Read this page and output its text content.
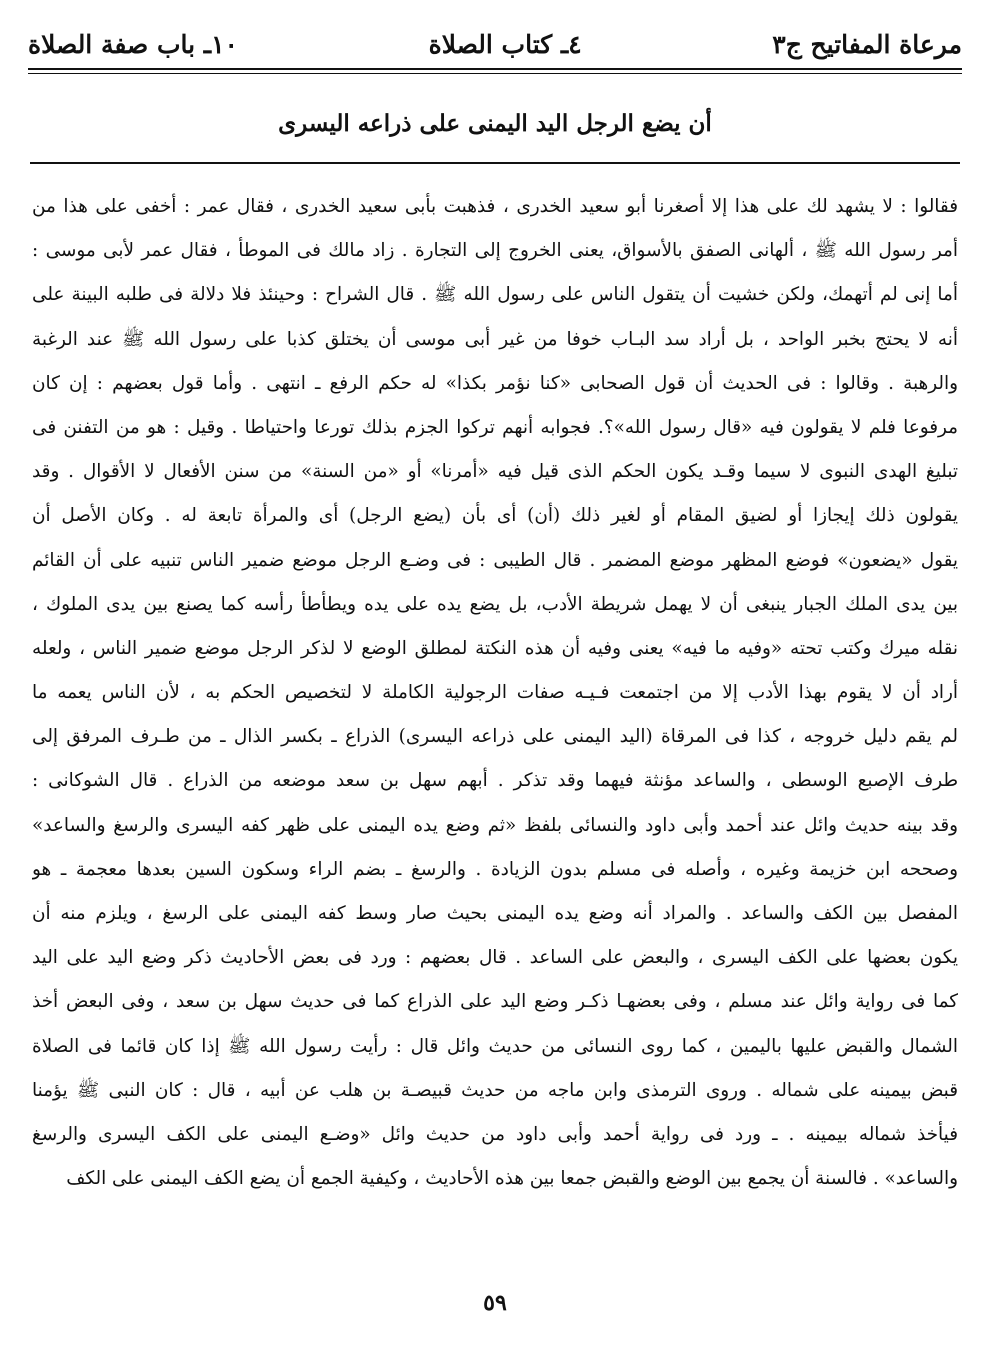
مرعاة المفاتيح ج٣
٤ـ كتاب الصلاة
١٠ـ باب صفة الصلاة
أن يضع الرجل اليد اليمنى على ذراعه اليسرى
فقالوا : لا يشهد لك على هذا إلا أصغرنا أبو سعيد الخدرى ، فذهبت بأبى سعيد الخدرى ، فقال عمر : أخفى على هذا من
أمر رسول الله ﷺ ، ألهانى الصفق بالأسواق، يعنى الخروج إلى التجارة . زاد مالك فى الموطأ ، فقال عمر لأبى موسى :
أما إنى لم أتهمك، ولكن خشيت أن يتقول الناس على رسول الله ﷺ . قال الشراح : وحينئذ فلا دلالة فى طلبه البينة على
أنه لا يحتج بخبر الواحد ، بل أراد سد البـاب خوفا من غير أبى موسى أن يختلق كذبا على رسول الله ﷺ عند الرغبة
والرهبة . وقالوا : فى الحديث أن قول الصحابى «كنا نؤمر بكذا» له حكم الرفع ـ انتهى . وأما قول بعضهم : إن كان
مرفوعا فلم لا يقولون فيه «قال رسول الله»؟. فجوابه أنهم تركوا الجزم بذلك تورعا واحتياطا . وقيل : هو من التفنن فى
تبليغ الهدى النبوى لا سيما وقـد يكون الحكم الذى قيل فيه «أمرنا» أو «من السنة» من سنن الأفعال لا الأقوال . وقد
يقولون ذلك إيجازا أو لضيق المقام أو لغير ذلك (أن) أى بأن (يضع الرجل) أى والمرأة تابعة له . وكان الأصل أن
يقول «يضعون» فوضع المظهر موضع المضمر . قال الطيبى : فى وضـع الرجل موضع ضمير الناس تنبيه على أن القائم
بين يدى الملك الجبار ينبغى أن لا يهمل شريطة الأدب، بل يضع يده على يده ويطأطأ رأسه كما يصنع بين يدى الملوك ،
نقله ميرك وكتب تحته «وفيه ما فيه» يعنى وفيه أن هذه النكتة لمطلق الوضع لا لذكر الرجل موضع ضمير الناس ، ولعله
أراد أن لا يقوم بهذا الأدب إلا من اجتمعت فـيـه صفات الرجولية الكاملة لا لتخصيص الحكم به ، لأن الناس يعمه ما
لم يقم دليل خروجه ، كذا فى المرقاة (اليد اليمنى على ذراعه اليسرى) الذراع ـ بكسر الذال ـ من طـرف المرفق إلى
طرف الإصبع الوسطى ، والساعد مؤنثة فيهما وقد تذكر . أبهم سهل بن سعد موضعه من الذراع . قال الشوكانى :
وقد بينه حديث وائل عند أحمد وأبى داود والنسائى بلفظ «ثم وضع يده اليمنى على ظهر كفه اليسرى والرسغ والساعد»
وصححه ابن خزيمة وغيره ، وأصله فى مسلم بدون الزيادة . والرسغ ـ بضم الراء وسكون السين بعدها معجمة ـ هو
المفصل بين الكف والساعد . والمراد أنه وضع يده اليمنى بحيث صار وسط كفه اليمنى على الرسغ ، ويلزم منه أن
يكون بعضها على الكف اليسرى ، والبعض على الساعد . قال بعضهم : ورد فى بعض الأحاديث ذكر وضع اليد على اليد
كما فى رواية وائل عند مسلم ، وفى بعضهـا ذكـر وضع اليد على الذراع كما فى حديث سهل بن سعد ، وفى البعض أخذ
الشمال والقبض عليها باليمين ، كما روى النسائى من حديث وائل قال : رأيت رسول الله ﷺ إذا كان قائما فى الصلاة
قبض بيمينه على شماله . وروى الترمذى وابن ماجه من حديث قبيصـة بن هلب عن أبيه ، قال : كان النبى ﷺ يؤمنا
فيأخذ شماله بيمينه . ـ ورد فى رواية أحمد وأبى داود من حديث وائل «وضـع اليمنى على الكف اليسرى والرسغ
والساعد» . فالسنة أن يجمع بين الوضع والقبض جمعا بين هذه الأحاديث ، وكيفية الجمع أن يضع الكف اليمنى على الكف
٥٩
